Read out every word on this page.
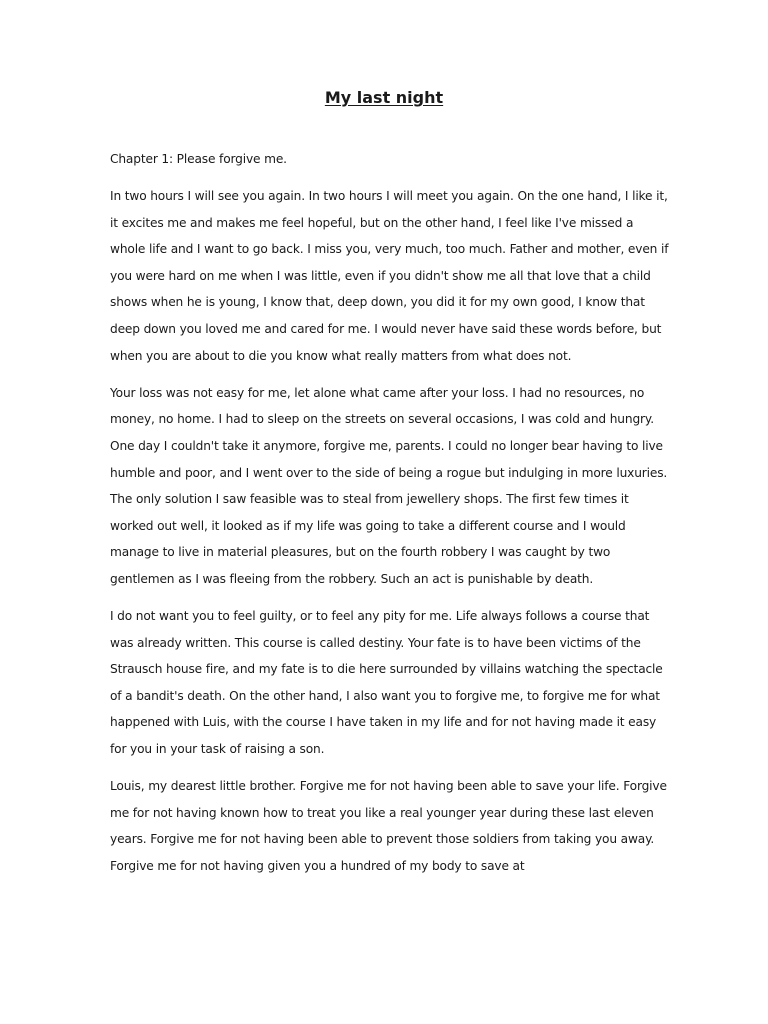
My last night

Chapter 1: Please forgive me.

In two hours I will see you again. In two hours I will meet you again. On the one hand, I like it, it excites me and makes me feel hopeful, but on the other hand, I feel like I've missed a whole life and I want to go back. I miss you, very much, too much. Father and mother, even if you were hard on me when I was little, even if you didn't show me all that love that a child shows when he is young, I know that, deep down, you did it for my own good, I know that deep down you loved me and cared for me. I would never have said these words before, but when you are about to die you know what really matters from what does not.

Your loss was not easy for me, let alone what came after your loss. I had no resources, no money, no home. I had to sleep on the streets on several occasions, I was cold and hungry. One day I couldn't take it anymore, forgive me, parents. I could no longer bear having to live humble and poor, and I went over to the side of being a rogue but indulging in more luxuries. The only solution I saw feasible was to steal from jewellery shops. The first few times it worked out well, it looked as if my life was going to take a different course and I would manage to live in material pleasures, but on the fourth robbery I was caught by two gentlemen as I was fleeing from the robbery. Such an act is punishable by death.

I do not want you to feel guilty, or to feel any pity for me. Life always follows a course that was already written. This course is called destiny. Your fate is to have been victims of the Strausch house fire, and my fate is to die here surrounded by villains watching the spectacle of a bandit's death. On the other hand, I also want you to forgive me, to forgive me for what happened with Luis, with the course I have taken in my life and for not having made it easy for you in your task of raising a son.

Louis, my dearest little brother. Forgive me for not having been able to save your life. Forgive me for not having known how to treat you like a real younger year during these last eleven years. Forgive me for not having been able to prevent those soldiers from taking you away. Forgive me for not having given you a hundred of my body to save at
